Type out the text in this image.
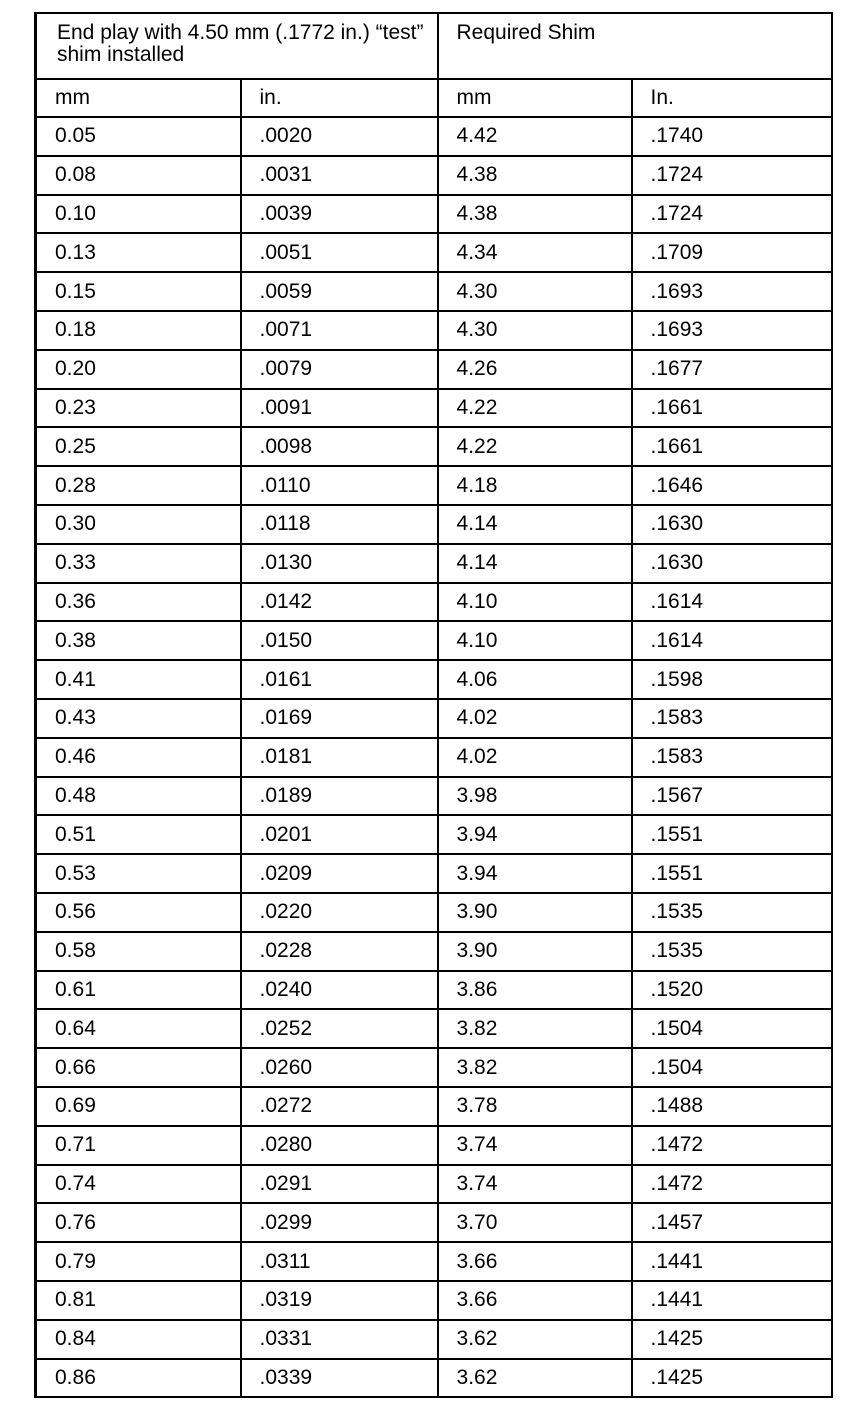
End play with 4.50 mm (.1772 in.) “test” shim installed		Required Shim	
mm	in.	mm	In.
0.05	.0020	4.42	.1740
0.08	.0031	4.38	.1724
0.10	.0039	4.38	.1724
0.13	.0051	4.34	.1709
0.15	.0059	4.30	.1693
0.18	.0071	4.30	.1693
0.20	.0079	4.26	.1677
0.23	.0091	4.22	.1661
0.25	.0098	4.22	.1661
0.28	.0110	4.18	.1646
0.30	.0118	4.14	.1630
0.33	.0130	4.14	.1630
0.36	.0142	4.10	.1614
0.38	.0150	4.10	.1614
0.41	.0161	4.06	.1598
0.43	.0169	4.02	.1583
0.46	.0181	4.02	.1583
0.48	.0189	3.98	.1567
0.51	.0201	3.94	.1551
0.53	.0209	3.94	.1551
0.56	.0220	3.90	.1535
0.58	.0228	3.90	.1535
0.61	.0240	3.86	.1520
0.64	.0252	3.82	.1504
0.66	.0260	3.82	.1504
0.69	.0272	3.78	.1488
0.71	.0280	3.74	.1472
0.74	.0291	3.74	.1472
0.76	.0299	3.70	.1457
0.79	.0311	3.66	.1441
0.81	.0319	3.66	.1441
0.84	.0331	3.62	.1425
0.86	.0339	3.62	.1425
